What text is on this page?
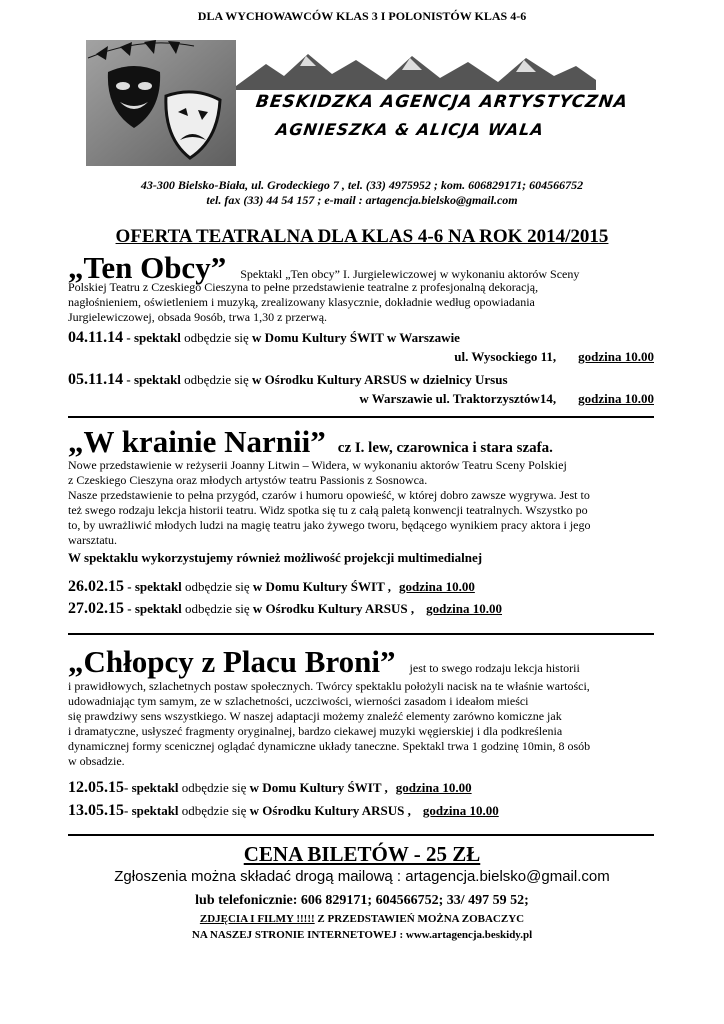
DLA WYCHOWAWCÓW KLAS 3 I POLONISTÓW KLAS 4-6
BESKIDZKA AGENCJA ARTYSTYCZNA
AGNIESZKA & ALICJA WALA
43-300 Bielsko-Biała, ul. Grodeckiego 7 , tel. (33) 4975952 ; kom. 606829171; 604566752
tel. fax (33) 44 54 157 ; e-mail : artagencja.bielsko@gmail.com
OFERTA TEATRALNA DLA KLAS 4-6 NA ROK 2014/2015
„Ten Obcy” Spektakl „Ten obcy” I. Jurgielewiczowej w wykonaniu aktorów Sceny
Polskiej Teatru z Czeskiego Cieszyna to pełne przedstawienie teatralne z profesjonalną dekoracją,
nagłośnieniem, oświetleniem i muzyką, zrealizowany klasycznie, dokładnie według opowiadania
Jurgielewiczowej, obsada 9osób, trwa 1,30 z przerwą.
04.11.14 - spektakl odbędzie się w Domu Kultury ŚWIT w Warszawie
ul. Wysockiego 11, godzina 10.00
05.11.14 - spektakl odbędzie się w Ośrodku Kultury ARSUS w dzielnicy Ursus
w Warszawie ul. Traktorzysztów14, godzina 10.00
„W krainie Narnii” cz I. lew, czarownica i stara szafa.
Nowe przedstawienie w reżyserii Joanny Litwin – Widera, w wykonaniu aktorów Teatru Sceny Polskiej
z Czeskiego Cieszyna oraz młodych artystów teatru Passionis z Sosnowca.
Nasze przedstawienie to pełna przygód, czarów i humoru opowieść, w której dobro zawsze wygrywa. Jest to
też swego rodzaju lekcja historii teatru. Widz spotka się tu z całą paletą konwencji teatralnych. Wszystko po
to, by uwrażliwić młodych ludzi na magię teatru jako żywego tworu, będącego wynikiem pracy aktora i jego
warsztatu.
W spektaklu wykorzystujemy również możliwość projekcji multimedialnej
26.02.15 - spektakl odbędzie się w Domu Kultury ŚWIT , godzina 10.00
27.02.15 - spektakl odbędzie się w Ośrodku Kultury ARSUS , godzina 10.00
„Chłopcy z Placu Broni” jest to swego rodzaju lekcja historii
i prawidłowych, szlachetnych postaw społecznych. Twórcy spektaklu położyli nacisk na te właśnie wartości,
udowadniając tym samym, ze w szlachetności, uczciwości, wierności zasadom i ideałom mieści
się prawdziwy sens wszystkiego. W naszej adaptacji możemy znaleźć elementy zarówno komiczne jak
i dramatyczne, usłyszeć fragmenty oryginalnej, bardzo ciekawej muzyki węgierskiej i dla podkreślenia
dynamicznej formy scenicznej oglądać dynamiczne układy taneczne. Spektakl trwa 1 godzinę 10min, 8 osób
w obsadzie.
12.05.15- spektakl odbędzie się w Domu Kultury ŚWIT , godzina 10.00
13.05.15- spektakl odbędzie się w Ośrodku Kultury ARSUS , godzina 10.00
CENA BILETÓW - 25 ZŁ
Zgłoszenia można składać drogą mailową : artagencja.bielsko@gmail.com
lub telefonicznie: 606 829171; 604566752; 33/ 497 59 52;
ZDJĘCIA I FILMY !!!!! Z PRZEDSTAWIEŃ MOŻNA ZOBACZYC
NA NASZEJ STRONIE INTERNETOWEJ : www.artagencja.beskidy.pl
